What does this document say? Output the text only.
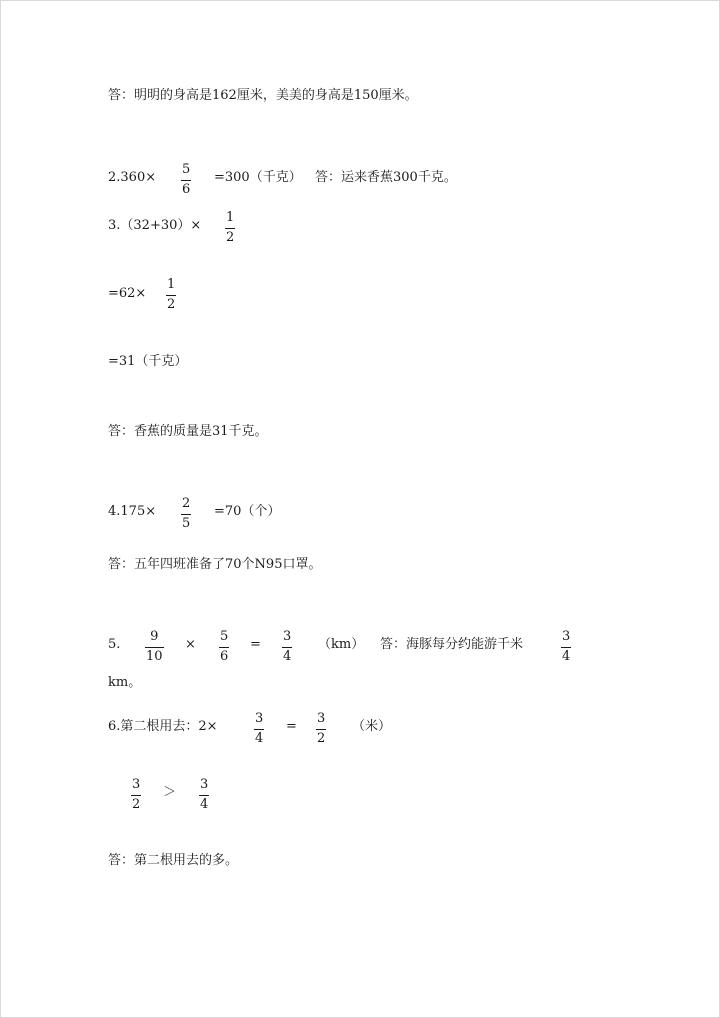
答：明明的身高是162厘米，美美的身高是150厘米。
2.360×
5
6
=300（千克） 答：运来香蕉300千克。
3.（32+30）×
1
2
=62×
1
2
=31（千克）
答：香蕉的质量是31千克。
4.175×
2
5
=70（个）
答：五年四班准备了70个N95口罩。
5.
9
10
×
5
6
=
3
4
（km） 答：海豚每分约能游千米
3
4
km。
6.第二根用去：2×
3
4
=
3
2
（米）
3
2
＞
3
4
答：第二根用去的多。
